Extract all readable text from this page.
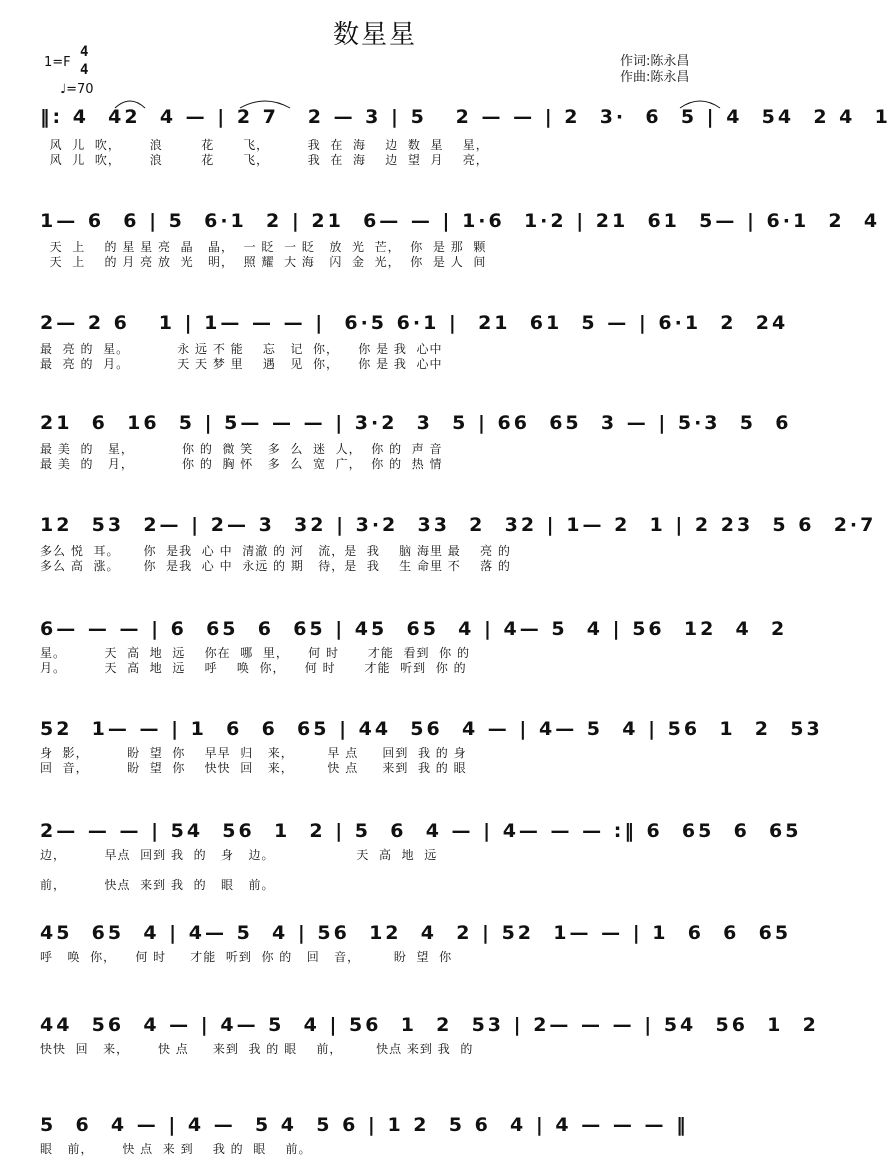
数星星
1=F
4
4
♩=70
作词:陈永昌
作曲:陈永昌
‖: 4  42  4 — | 2 7   2 — 3 | 5   2 — — | 2  3·  6  5 | 4  54  2 4  1
风  儿  吹，      浪        花      飞，        我  在  海    边  数  星    星，
风  儿  吹，      浪        花      飞，        我  在  海    边  望  月    亮，
1— 6  6 | 5  6·1  2 | 21  6— — | 1·6  1·2 | 21  61  5— | 6·1  2  4
天  上    的 星 星 亮  晶   晶，  一 眨  一 眨   放  光  芒，  你  是 那  颗
天  上    的 月 亮 放  光   明，  照 耀  大 海   闪  金  光，  你  是 人  间
2— 2 6   1 | 1— — — |  6·5 6·1 |  21  61  5 — | 6·1  2  24
最  亮 的  星。          永 远 不 能    忘   记  你，    你 是 我  心中
最  亮 的  月。          天 天 梦 里    遇   见  你，    你 是 我  心中
21  6  16  5 | 5— — — | 3·2  3  5 | 66  65  3 — | 5·3  5  6
最 美  的   星，          你 的  微 笑   多  么  迷  人，  你 的  声 音
最 美  的   月，          你 的  胸 怀   多  么  宽  广，  你 的  热 情
12  53  2— | 2— 3  32 | 3·2  33  2  32 | 1— 2  1 | 2 23  5 6  2·7
多么 悦  耳。     你  是我  心 中  清澈 的 河   流，是  我    脑 海里 最    亮 的
多么 高  涨。     你  是我  心 中  永远 的 期   待，是  我    生 命里 不    落 的
6— — — | 6  65  6  65 | 45  65  4 | 4— 5  4 | 56  12  4  2
星。        天  高  地  远    你在  哪  里，    何 时      才能  看到  你 的
月。        天  高  地  远    呼    唤  你，    何 时      才能  听到  你 的
52  1— — | 1  6  6  65 | 44  56  4 — | 4— 5  4 | 56  1  2  53
身  影，        盼  望  你    早早  归   来，       早 点     回到  我 的 身
回  音，        盼  望  你    快快  回   来，       快 点     来到  我 的 眼
2— — — | 54  56  1  2 | 5  6  4 — | 4— — — :‖ 6  65  6  65
边，        早点  回到 我  的   身   边。                 天  高  地  远
前，        快点  来到 我  的   眼   前。
45  65  4 | 4— 5  4 | 56  12  4  2 | 52  1— — | 1  6  6  65
呼   唤  你，    何 时     才能  听到  你 的   回   音，       盼  望  你
44  56  4 — | 4— 5  4 | 56  1  2  53 | 2— — — | 54  56  1  2
快快  回   来，      快 点     来到  我 的 眼    前，       快点 来到 我  的
5  6  4 — | 4 —  5 4  5 6 | 1 2  5 6  4 | 4 — — — ‖
眼   前，      快 点  来 到    我 的  眼    前。
